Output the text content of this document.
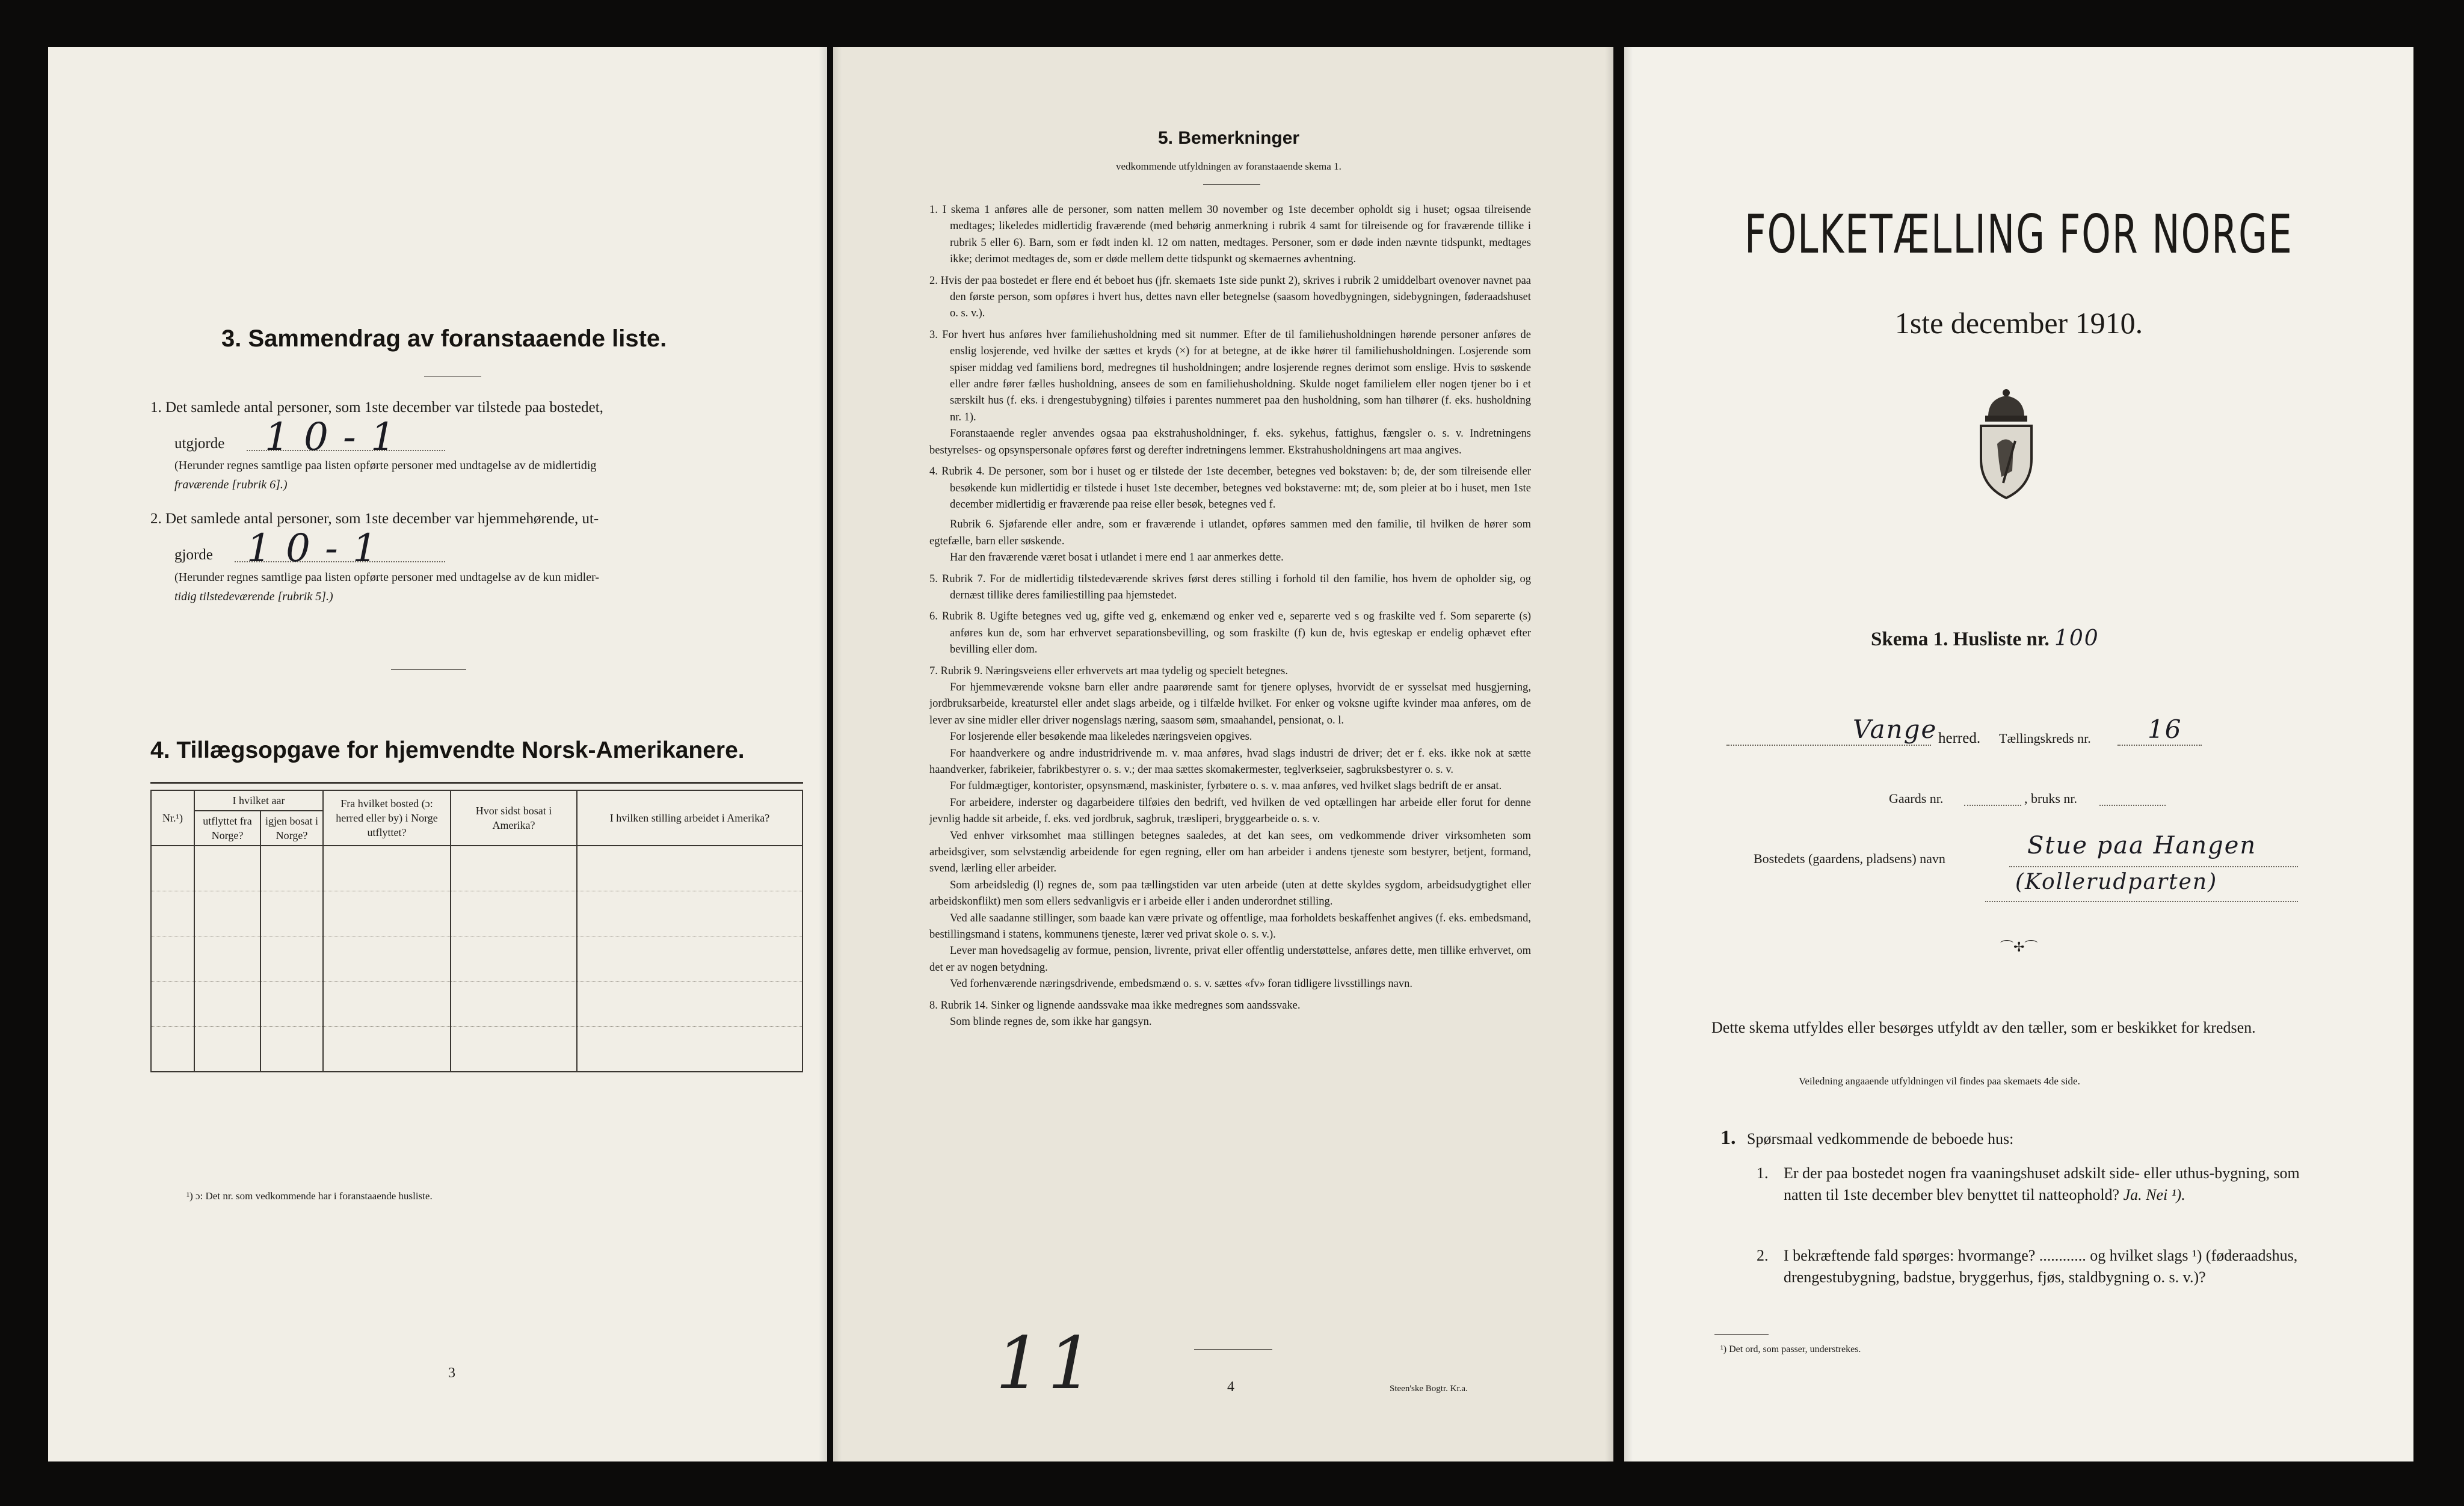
3. Sammendrag av foranstaaende liste.
1. Det samlede antal personer, som 1ste december var tilstede paa bostedet,
utgjorde 1 0 - 1
(Herunder regnes samtlige paa listen opførte personer med undtagelse av de midlertidig
fraværende [rubrik 6].)
2. Det samlede antal personer, som 1ste december var hjemmehørende, ut-
gjorde 1 0 - 1
(Herunder regnes samtlige paa listen opførte personer med undtagelse av de kun midler-
tidig tilstedeværende [rubrik 5].)
4. Tillægsopgave for hjemvendte Norsk-Amerikanere.
Nr.¹)	I hvilket aar		Fra hvilket bosted (ɔ: herred eller by) i Norge utflyttet?	Hvor sidst bosat i Amerika?	I hvilken stilling arbeidet i Amerika?
	utflyttet fra Norge?	igjen bosat i Norge?			

¹) ɔ: Det nr. som vedkommende har i foranstaaende husliste.
3
5. Bemerkninger
vedkommende utfyldningen av foranstaaende skema 1.

1. I skema 1 anføres alle de personer, som natten mellem 30 november og 1ste december opholdt sig i huset; ogsaa tilreisende medtages; likeledes midlertidig fraværende (med behørig anmerkning i rubrik 4 samt for tilreisende og for fraværende tillike i rubrik 5 eller 6). Barn, som er født inden kl. 12 om natten, medtages. Personer, som er døde inden nævnte tidspunkt, medtages ikke; derimot medtages de, som er døde mellem dette tidspunkt og skemaernes avhentning.

2. Hvis der paa bostedet er flere end ét beboet hus (jfr. skemaets 1ste side punkt 2), skrives i rubrik 2 umiddelbart ovenover navnet paa den første person, som opføres i hvert hus, dettes navn eller betegnelse (saasom hovedbygningen, sidebygningen, føderaadshuset o. s. v.).

3. For hvert hus anføres hver familiehusholdning med sit nummer. Efter de til familiehusholdningen hørende personer anføres de enslig losjerende, ved hvilke der sættes et kryds (×) for at betegne, at de ikke hører til familiehusholdningen. Losjerende som spiser middag ved familiens bord, medregnes til husholdningen; andre losjerende regnes derimot som enslige. Hvis to søskende eller andre fører fælles husholdning, ansees de som en familiehusholdning. Skulde noget familielem eller nogen tjener bo i et særskilt hus (f. eks. i drengestubygning) tilføies i parentes nummeret paa den husholdning, som han tilhører (f. eks. husholdning nr. 1).

Foranstaaende regler anvendes ogsaa paa ekstrahusholdninger, f. eks. sykehus, fattighus, fængsler o. s. v. Indretningens bestyrelses- og opsynspersonale opføres først og derefter indretningens lemmer. Ekstrahusholdningens art maa angives.

4. Rubrik 4. De personer, som bor i huset og er tilstede der 1ste december, betegnes ved bokstaven: b; de, der som tilreisende eller besøkende kun midlertidig er tilstede i huset 1ste december, betegnes ved bokstaverne: mt; de, som pleier at bo i huset, men 1ste december midlertidig er fraværende paa reise eller besøk, betegnes ved f.

Rubrik 6. Sjøfarende eller andre, som er fraværende i utlandet, opføres sammen med den familie, til hvilken de hører som egtefælle, barn eller søskende.

Har den fraværende været bosat i utlandet i mere end 1 aar anmerkes dette.

5. Rubrik 7. For de midlertidig tilstedeværende skrives først deres stilling i forhold til den familie, hos hvem de opholder sig, og dernæst tillike deres familiestilling paa hjemstedet.

6. Rubrik 8. Ugifte betegnes ved ug, gifte ved g, enkemænd og enker ved e, separerte ved s og fraskilte ved f. Som separerte (s) anføres kun de, som har erhvervet separationsbevilling, og som fraskilte (f) kun de, hvis egteskap er endelig ophævet efter bevilling eller dom.

7. Rubrik 9. Næringsveiens eller erhvervets art maa tydelig og specielt betegnes.

For hjemmeværende voksne barn eller andre paarørende samt for tjenere oplyses, hvorvidt de er sysselsat med husgjerning, jordbruksarbeide, kreaturstel eller andet slags arbeide, og i tilfælde hvilket. For enker og voksne ugifte kvinder maa anføres, om de lever av sine midler eller driver nogenslags næring, saasom søm, smaahandel, pensionat, o. l.

For losjerende eller besøkende maa likeledes næringsveien opgives.

For haandverkere og andre industridrivende m. v. maa anføres, hvad slags industri de driver; det er f. eks. ikke nok at sætte haandverker, fabrikeier, fabrikbestyrer o. s. v.; der maa sættes skomakermester, teglverkseier, sagbruksbestyrer o. s. v.

For fuldmægtiger, kontorister, opsynsmænd, maskinister, fyrbøtere o. s. v. maa anføres, ved hvilket slags bedrift de er ansat.

For arbeidere, inderster og dagarbeidere tilføies den bedrift, ved hvilken de ved optællingen har arbeide eller forut for denne jevnlig hadde sit arbeide, f. eks. ved jordbruk, sagbruk, træsliperi, bryggearbeide o. s. v.

Ved enhver virksomhet maa stillingen betegnes saaledes, at det kan sees, om vedkommende driver virksomheten som arbeidsgiver, som selvstændig arbeidende for egen regning, eller om han arbeider i andens tjeneste som bestyrer, betjent, formand, svend, lærling eller arbeider.

Som arbeidsledig (l) regnes de, som paa tællingstiden var uten arbeide (uten at dette skyldes sygdom, arbeidsudygtighet eller arbeidskonflikt) men som ellers sedvanligvis er i arbeide eller i anden underordnet stilling.

Ved alle saadanne stillinger, som baade kan være private og offentlige, maa forholdets beskaffenhet angives (f. eks. embedsmand, bestillingsmand i statens, kommunens tjeneste, lærer ved privat skole o. s. v.).

Lever man hovedsagelig av formue, pension, livrente, privat eller offentlig understøttelse, anføres dette, men tillike erhvervet, om det er av nogen betydning.

Ved forhenværende næringsdrivende, embedsmænd o. s. v. sættes «fv» foran tidligere livsstillings navn.

8. Rubrik 14. Sinker og lignende aandssvake maa ikke medregnes som aandssvake.

Som blinde regnes de, som ikke har gangsyn.

11	4	Steen'ske Bogtr. Kr.a.
FOLKETÆLLING FOR NORGE
1ste december 1910.
Skema 1. Husliste nr. 100
Vange herred. Tællingskreds nr. 16
Gaards nr.	, bruks nr.
Bostedets (gaardens, pladsens) navn	Stue paa Hangen
(Kollerudparten)
⌒✢⌒
Dette skema utfyldes eller besørges utfyldt av den tæller, som er beskikket for kredsen.
Veiledning angaaende utfyldningen vil findes paa skemaets 4de side.
1. Spørsmaal vedkommende de beboede hus:
1. Er der paa bostedet nogen fra vaaningshuset adskilt side- eller uthus-bygning, som natten til 1ste december blev benyttet til natteophold? Ja. Nei ¹).
2. I bekræftende fald spørges: hvormange? ............ og hvilket slags ¹) (føderaadshus, drengestubygning, badstue, bryggerhus, fjøs, staldbygning o. s. v.)?
¹) Det ord, som passer, understrekes.
